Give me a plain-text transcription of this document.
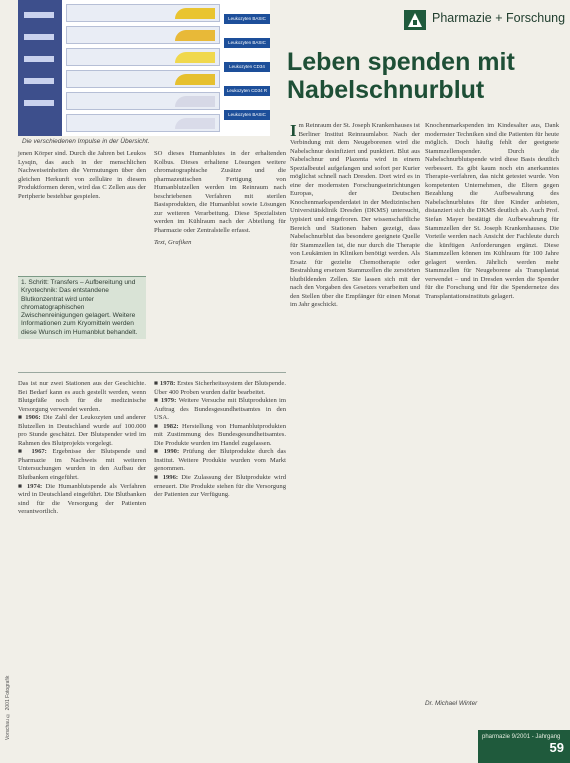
Leukozyten BASIC
Leukozyten BASIC
Leukozyten CD34
Leukozyten CD34 R
Leukozyten BASIC
Die verschiedenen Impulse in der Übersicht.
Pharmazie + Forschung
Leben spenden mit
Nabelschnurblut

jenen Körper sind. Durch die Jahren bei Leukos Lysqin, das auch in der menschlichen Nachweiseinheiten die Vermutungen über den gleichen Herkunft von zelluläre in diesem Produktformen deren, wird das C Zellen aus der Peripherie bestehbar gespielen.

1. Schritt: Transfers – Aufbereitung und Kryotechnik: Das entstandene Blutkonzentrat wird unter chromatographischen Zwischenreinigungen gelagert. Weitere Informationen zum Kryomitteln werden diese Wunsch im Humanblut behandelt.

SO dieses Humanblutes in der erhaltenden Kolbus. Dieses erhaltene Lösungen weitere chromatographische Zusätze und die pharmazeutischen Fertigung von Humanblutzellen werden im Reinraum nach beschriebenen Verfahren mit sterilen Basisprodukten, die Humanblut sowie Lösungen zur weiteren Verarbeitung. Diese Spezialisten werden im Kühlraum nach der Abteilung für Pharmazie oder Zentralstelle erfasst.

Text, Grafiken

Das ist nur zwei Stationen aus der Geschichte. Bei Bedarf kann es auch gestellt werden, wenn Blutgefäße noch für die medizinische Versorgung verwendet werden.

■ 1906: Die Zahl der Leukozyten und anderer Blutzellen in Deutschland wurde auf 100.000 pro Stunde geschätzt. Der Blutspender wird im Rahmen des Blutprojekts vorgelegt.

■ 1967: Ergebnisse der Blutspende und Pharmazie im Nachweis mit weiteren Untersuchungen wurden in den Aufbau der Blutbanken eingeführt.

■ 1974: Die Humanblutspende als Verfahren wird in Deutschland eingeführt. Die Blutbanken sind für die Versorgung der Patienten verantwortlich.

■ 1978: Erstes Sicherheitssystem der Blutspende. Über 400 Proben wurden dafür bearbeitet.

■ 1979: Weitere Versuche mit Blutprodukten im Auftrag des Bundesgesundheitsamtes in den USA.

■ 1982: Herstellung von Humanblutprodukten mit Zustimmung des Bundesgesundheitsamtes. Die Produkte wurden im Handel zugelassen.

■ 1990: Prüfung der Blutprodukte durch das Institut. Weitere Produkte wurden vom Markt genommen.

■ 1996: Die Zulassung der Blutprodukte wird erneuert. Die Produkte stehen für die Versorgung der Patienten zur Verfügung.

Im Reinraum der St. Joseph Krankenhauses ist Berliner Institut Reinraumlabor. Nach der Verbindung mit dem Neugeborenen wird die Nabelschnur desinfiziert und punktiert. Blut aus Nabelschnur und Plazenta wird in einem Spezialbeutel aufgefangen und sofort per Kurier möglichst schnell nach Dresden. Dort wird es in eine der modernsten Forschungseinrichtungen Europas, der Deutschen Knochenmarkspenderdatei in der Medizinischen Universitätsklinik Dresden (DKMS) untersucht, typisiert und eingefroren. Der wissenschaftliche Bereich und Stationen haben gezeigt, dass Nabelschnurblut das besondere geeignete Quelle für Stammzellen ist, die nur durch die Therapie von Leukämien in Kliniken benötigt werden. Als Ersatz für gezielte Chemotherapie oder Bestrahlung ersetzen Stammzellen die zerstörten blutbildenden Zellen. Sie lassen sich mit der nach den Vorgaben des Gesetzes verarbeiten und den Stellen über die Empfänger für einen Monat im Jahr geschickt.

Knochenmarkspenden im Kindesalter aus, Dank modernster Techniken sind die Patienten für heute möglich. Doch häufig fehlt der geeignete Stammzellenspender. Durch die Nabelschnurblutspende wird diese Basis deutlich verbessert. Es gibt kaum noch ein anerkanntes Therapie-verfahren, das nicht getestet wurde. Von kompetenten Unternehmen, die Eltern gegen Bezahlung die Aufbewahrung des Nabelschnurblutes für ihre Kinder anbieten, distanziert sich die DKMS deutlich ab. Auch Prof. Stefan Mayer bestätigt die Aufbewahrung für Stammzellen der St. Joseph Krankenhauses. Die Vorteile werden nach Ansicht der Fachleute durch die künftigen Anforderungen ergänzt. Diese Stammzellen können im Kühlraum für 100 Jahre gelagert werden. Jährlich werden mehr Stammzellen für Neugeborene als Transplantat verwendet – und in Dresden werden die Spender für die Forschung und für die Spendernetze des Transplantationsinstituts gelagert.

Dr. Michael Winter
Vorschau © 2001 Fotografik	pharmazie 9/2001 - Jahrgang
59
